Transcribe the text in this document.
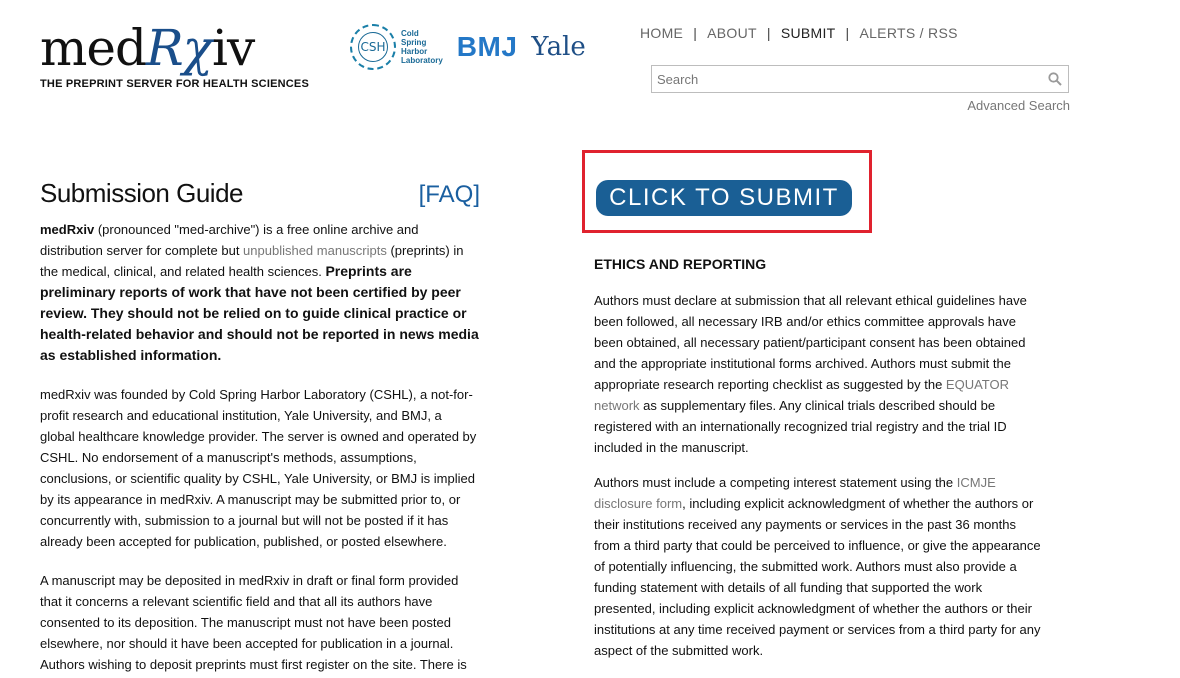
medRχiv
THE PREPRINT SERVER FOR HEALTH SCIENCES
CSH
Cold
Spring
Harbor
Laboratory BMJ Yale	HOME | ABOUT | SUBMIT | ALERTS / RSS
Search
Advanced Search
Submission Guide	[FAQ]

medRxiv (pronounced "med-archive") is a free online archive and distribution server for complete but unpublished manuscripts (preprints) in the medical, clinical, and related health sciences. Preprints are preliminary reports of work that have not been certified by peer review. They should not be relied on to guide clinical practice or health-related behavior and should not be reported in news media as established information.

medRxiv was founded by Cold Spring Harbor Laboratory (CSHL), a not-for-profit research and educational institution, Yale University, and BMJ, a global healthcare knowledge provider. The server is owned and operated by CSHL. No endorsement of a manuscript's methods, assumptions, conclusions, or scientific quality by CSHL, Yale University, or BMJ is implied by its appearance in medRxiv. A manuscript may be submitted prior to, or concurrently with, submission to a journal but will not be posted if it has already been accepted for publication, published, or posted elsewhere.

A manuscript may be deposited in medRxiv in draft or final form provided that it concerns a relevant scientific field and that all its authors have consented to its deposition. The manuscript must not have been posted elsewhere, nor should it have been accepted for publication in a journal. Authors wishing to deposit preprints must first register on the site. There is

CLICK TO SUBMIT
ETHICS AND REPORTING

Authors must declare at submission that all relevant ethical guidelines have been followed, all necessary IRB and/or ethics committee approvals have been obtained, all necessary patient/participant consent has been obtained and the appropriate institutional forms archived. Authors must submit the appropriate research reporting checklist as suggested by the EQUATOR network as supplementary files. Any clinical trials described should be registered with an internationally recognized trial registry and the trial ID included in the manuscript.

Authors must include a competing interest statement using the ICMJE disclosure form, including explicit acknowledgment of whether the authors or their institutions received any payments or services in the past 36 months from a third party that could be perceived to influence, or give the appearance of potentially influencing, the submitted work. Authors must also provide a funding statement with details of all funding that supported the work presented, including explicit acknowledgment of whether the authors or their institutions at any time received payment or services from a third party for any aspect of the submitted work.
